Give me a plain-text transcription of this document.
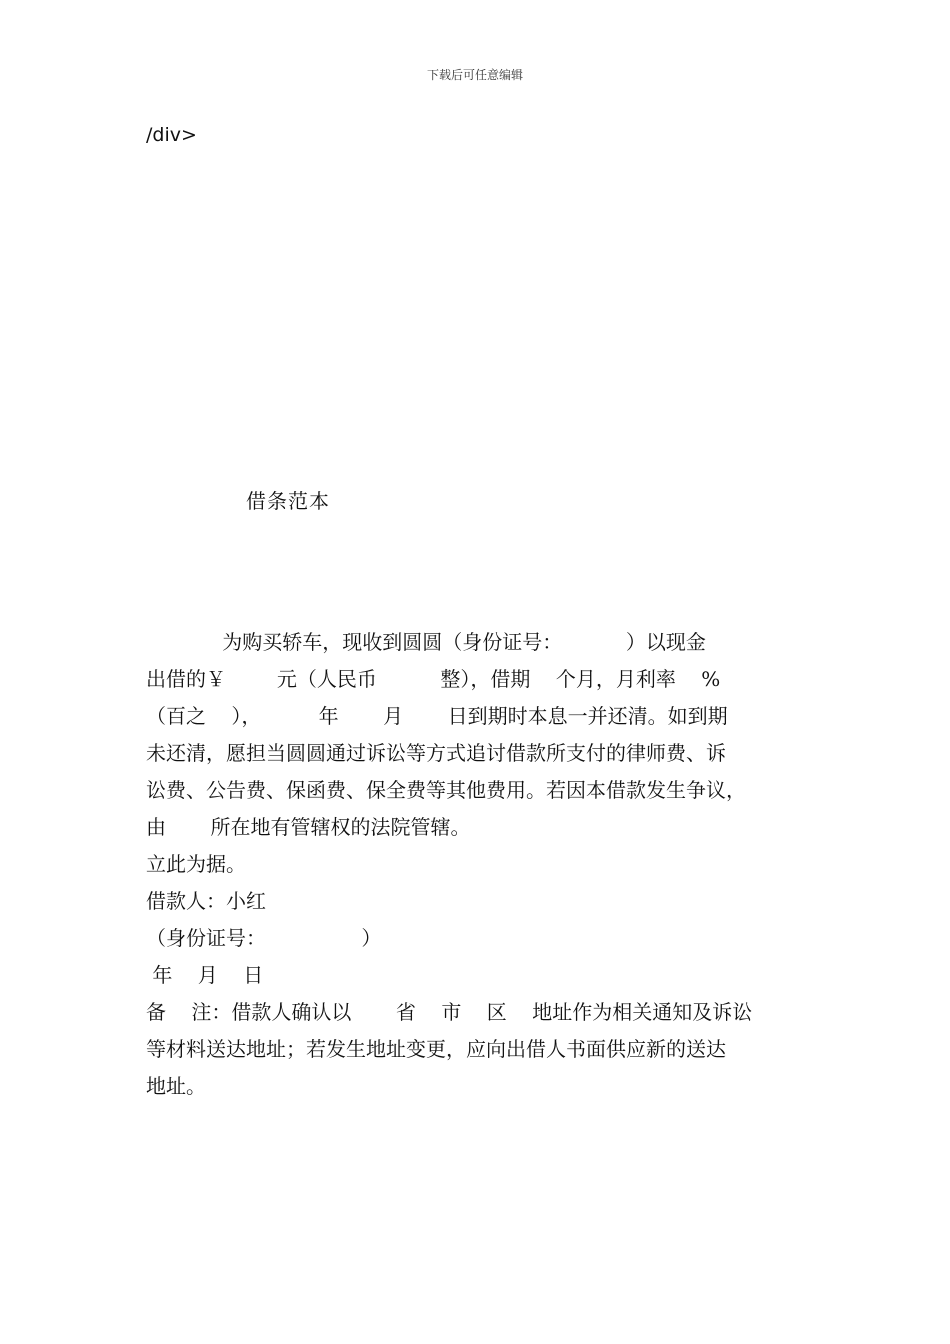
下载后可任意编辑
/div>
借条范本
为购买轿车，现收到圆圆（身份证号：          ）以现金
出借的￥        元（人民币          整），借期    个月，月利率    %
（百之    ），         年       月       日到期时本息一并还清。如到期
未还清，愿担当圆圆通过诉讼等方式追讨借款所支付的律师费、诉
讼费、公告费、保函费、保全费等其他费用。若因本借款发生争议，
由       所在地有管辖权的法院管辖。
立此为据。
借款人：小红
（身份证号：               ）
年    月    日
备    注：借款人确认以       省    市    区    地址作为相关通知及诉讼
等材料送达地址；若发生地址变更，应向出借人书面供应新的送达
地址。
